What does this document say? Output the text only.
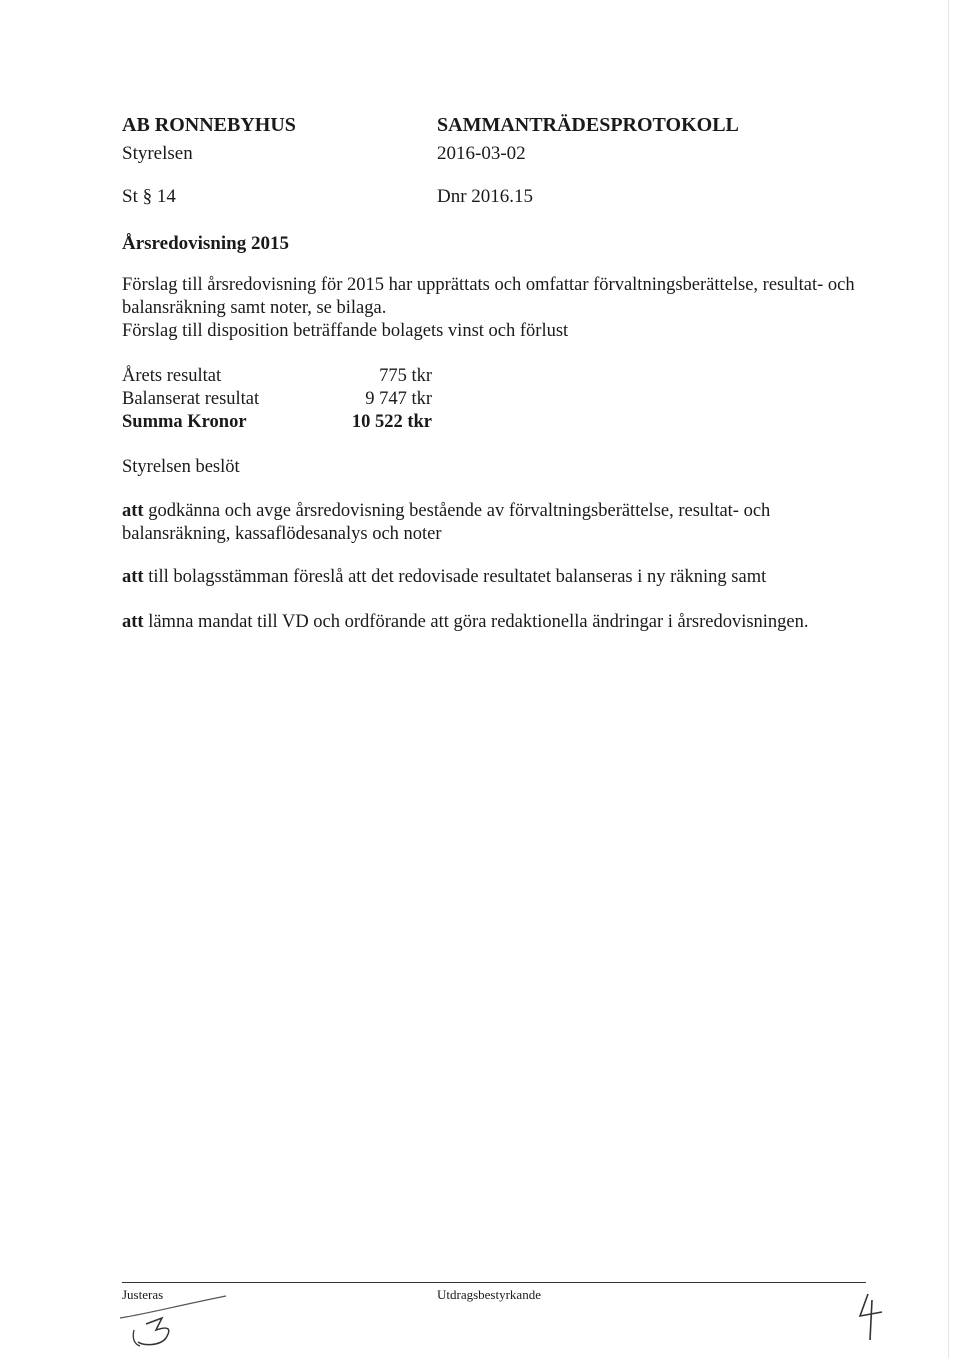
AB RONNEBYHUS
Styrelsen
SAMMANTRÄDESPROTOKOLL
2016-03-02
St § 14	Dnr 2016.15
Årsredovisning 2015
Förslag till årsredovisning för 2015 har upprättats och omfattar förvaltningsberättelse, resultat- och
balansräkning samt noter, se bilaga.
Förslag till disposition beträffande bolagets vinst och förlust
Årets resultat	775 tkr
Balanserat resultat	9 747 tkr
Summa Kronor	10 522 tkr
Styrelsen beslöt
att godkänna och avge årsredovisning bestående av förvaltningsberättelse, resultat- och
balansräkning, kassaflödesanalys och noter
att till bolagsstämman föreslå att det redovisade resultatet balanseras i ny räkning samt
att lämna mandat till VD och ordförande att göra redaktionella ändringar i årsredovisningen.
Justeras	Utdragsbestyrkande
